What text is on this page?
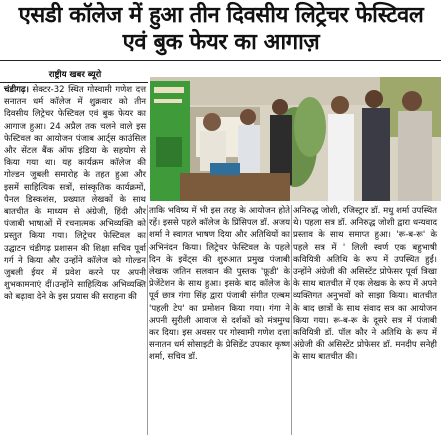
एसडी कॉलेज में हुआ तीन दिवसीय लिट्रेचर फेस्टिवल एवं बुक फेयर का आगाज़
राष्ट्रीय खबर ब्यूरो

चंडीगढ़। सेक्टर-32 स्थित गोस्वामी गणेश दत्त सनातन धर्म कॉलेज में शुक्रवार को तीन दिवसीय लिट्रेचर फेस्टिवल एवं बुक फेयर का आगाज हुआ। 24 अप्रैल तक चलने वाले इस फेस्टिवल का आयोजन पंजाब आर्ट्स काउंसिल और सेंटल बैंक ऑफ इंडिया के सहयोग से किया गया था। यह कार्यक्रम कॉलेज की गोल्डन जुबली समारोह के तहत हुआ और इसमें साहित्यिक सत्रों, सांस्कृतिक कार्यक्रमों, पैनल डिस्कशंस, प्रख्यात लेखकों के साथ बातचीत के माध्यम से अंग्रेजी, हिंदी और पंजाबी भाषाओं में रचनात्मक अभिव्यक्ति को प्रस्तुत किया गया। लिट्रेचर फेस्टिवल का उद्घाटन चंडीगढ़ प्रशासन की शिक्षा सचिव पूर्वा गर्ग ने किया और उन्होंने कॉलेज को गोल्डन जुबली ईयर में प्रवेश करने पर अपनी शुभकामनाएं दीं।उन्होंने साहित्यिक अभिव्यक्ति को बढ़ावा देने के इस प्रयास की सराहना की

ताकि भविष्य में भी इस तरह के आयोजन होते रहें। इससे पहले कॉलेज के प्रिंसिपल डॉ. अजय शर्मा ने स्वागत भाषण दिया और अतिथियों का अभिनंदन किया। लिट्रेचर फेस्टिवल के पहले दिन के इवेंट्स की शुरुआत प्रमुख पंजाबी लेखक जतिन सलवान की पुस्तक 'फ़ूडी' के प्रेजेंटेशन के साथ हुआ। इसके बाद कॉलेज के पूर्व छात्र गंगा सिंह द्वारा पंजाबी संगीत एल्बम 'पहली टेप' का प्रमोशन किया गया। गंगा ने अपनी सुरीली आवाज से दर्शकों को मंत्रमुग्ध कर दिया। इस अवसर पर गोस्वामी गणेश दत्ता सनातन धर्म सोसाइटी के प्रेसिडेंट उपकार कृष्ण शर्मा, सचिव डॉ.

अनिरुद्ध जोशी, रजिस्ट्रार डॉ. मधु शर्मा उपस्थित थे। पहला सत्र डॉ. अनिरुद्ध जोशी द्वारा धन्यवाद प्रस्ताव के साथ समाप्त हुआ। 'रू-ब-रू' के पहले सत्र में ' लिली स्वर्ण एक बहुभाषी कवियित्री अतिथि के रूप में उपस्थित हुईं। उन्होंने अंग्रेजी की असिस्टेंट प्रोफेसर पूर्वा त्रिखा के साथ बातचीत में एक लेखक के रूप में अपने व्यक्तिगत अनुभवों को साझा किया। बातचीत के बाद छात्रों के साथ संवाद सत्र का आयोजन किया गया। रू-ब-रू के दूसरे सत्र में पंजाबी कवियित्री डॉ. पॉल कौर ने अतिथि के रूप में अंग्रेजी की असिस्टेंट प्रोफेसर डॉ. मनदीप सनेही के साथ बातचीत की।
